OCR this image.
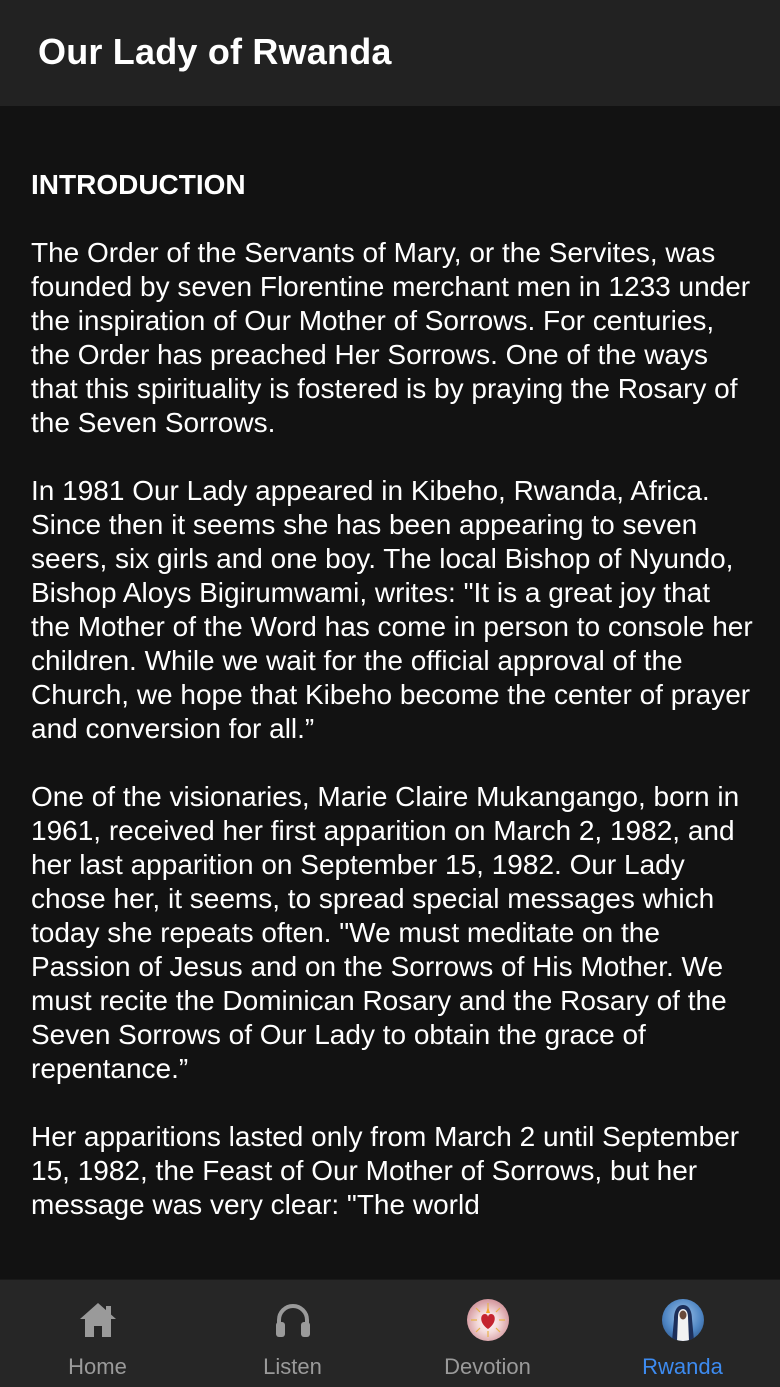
Our Lady of Rwanda
INTRODUCTION

The Order of the Servants of Mary, or the Servites, was founded by seven Florentine merchant men in 1233 under the inspiration of Our Mother of Sorrows. For centuries, the Order has preached Her Sorrows. One of the ways that this spirituality is fostered is by praying the Rosary of the Seven Sorrows.

In 1981 Our Lady appeared in Kibeho, Rwanda, Africa. Since then it seems she has been appearing to seven seers, six girls and one boy. The local Bishop of Nyundo, Bishop Aloys Bigirumwami, writes: "It is a great joy that the Mother of the Word has come in person to console her children. While we wait for the official approval of the Church, we hope that Kibeho become the center of prayer and conversion for all.”

One of the visionaries, Marie Claire Mukangango, born in 1961, received her first apparition on March 2, 1982, and her last apparition on September 15, 1982. Our Lady chose her, it seems, to spread special messages which today she repeats often. "We must meditate on the Passion of Jesus and on the Sorrows of His Mother. We must recite the Dominican Rosary and the Rosary of the Seven Sorrows of Our Lady to obtain the grace of repentance.”

Her apparitions lasted only from March 2 until September 15, 1982, the Feast of Our Mother of Sorrows, but her message was very clear: "The world

Home	Listen	Devotion	Rwanda
